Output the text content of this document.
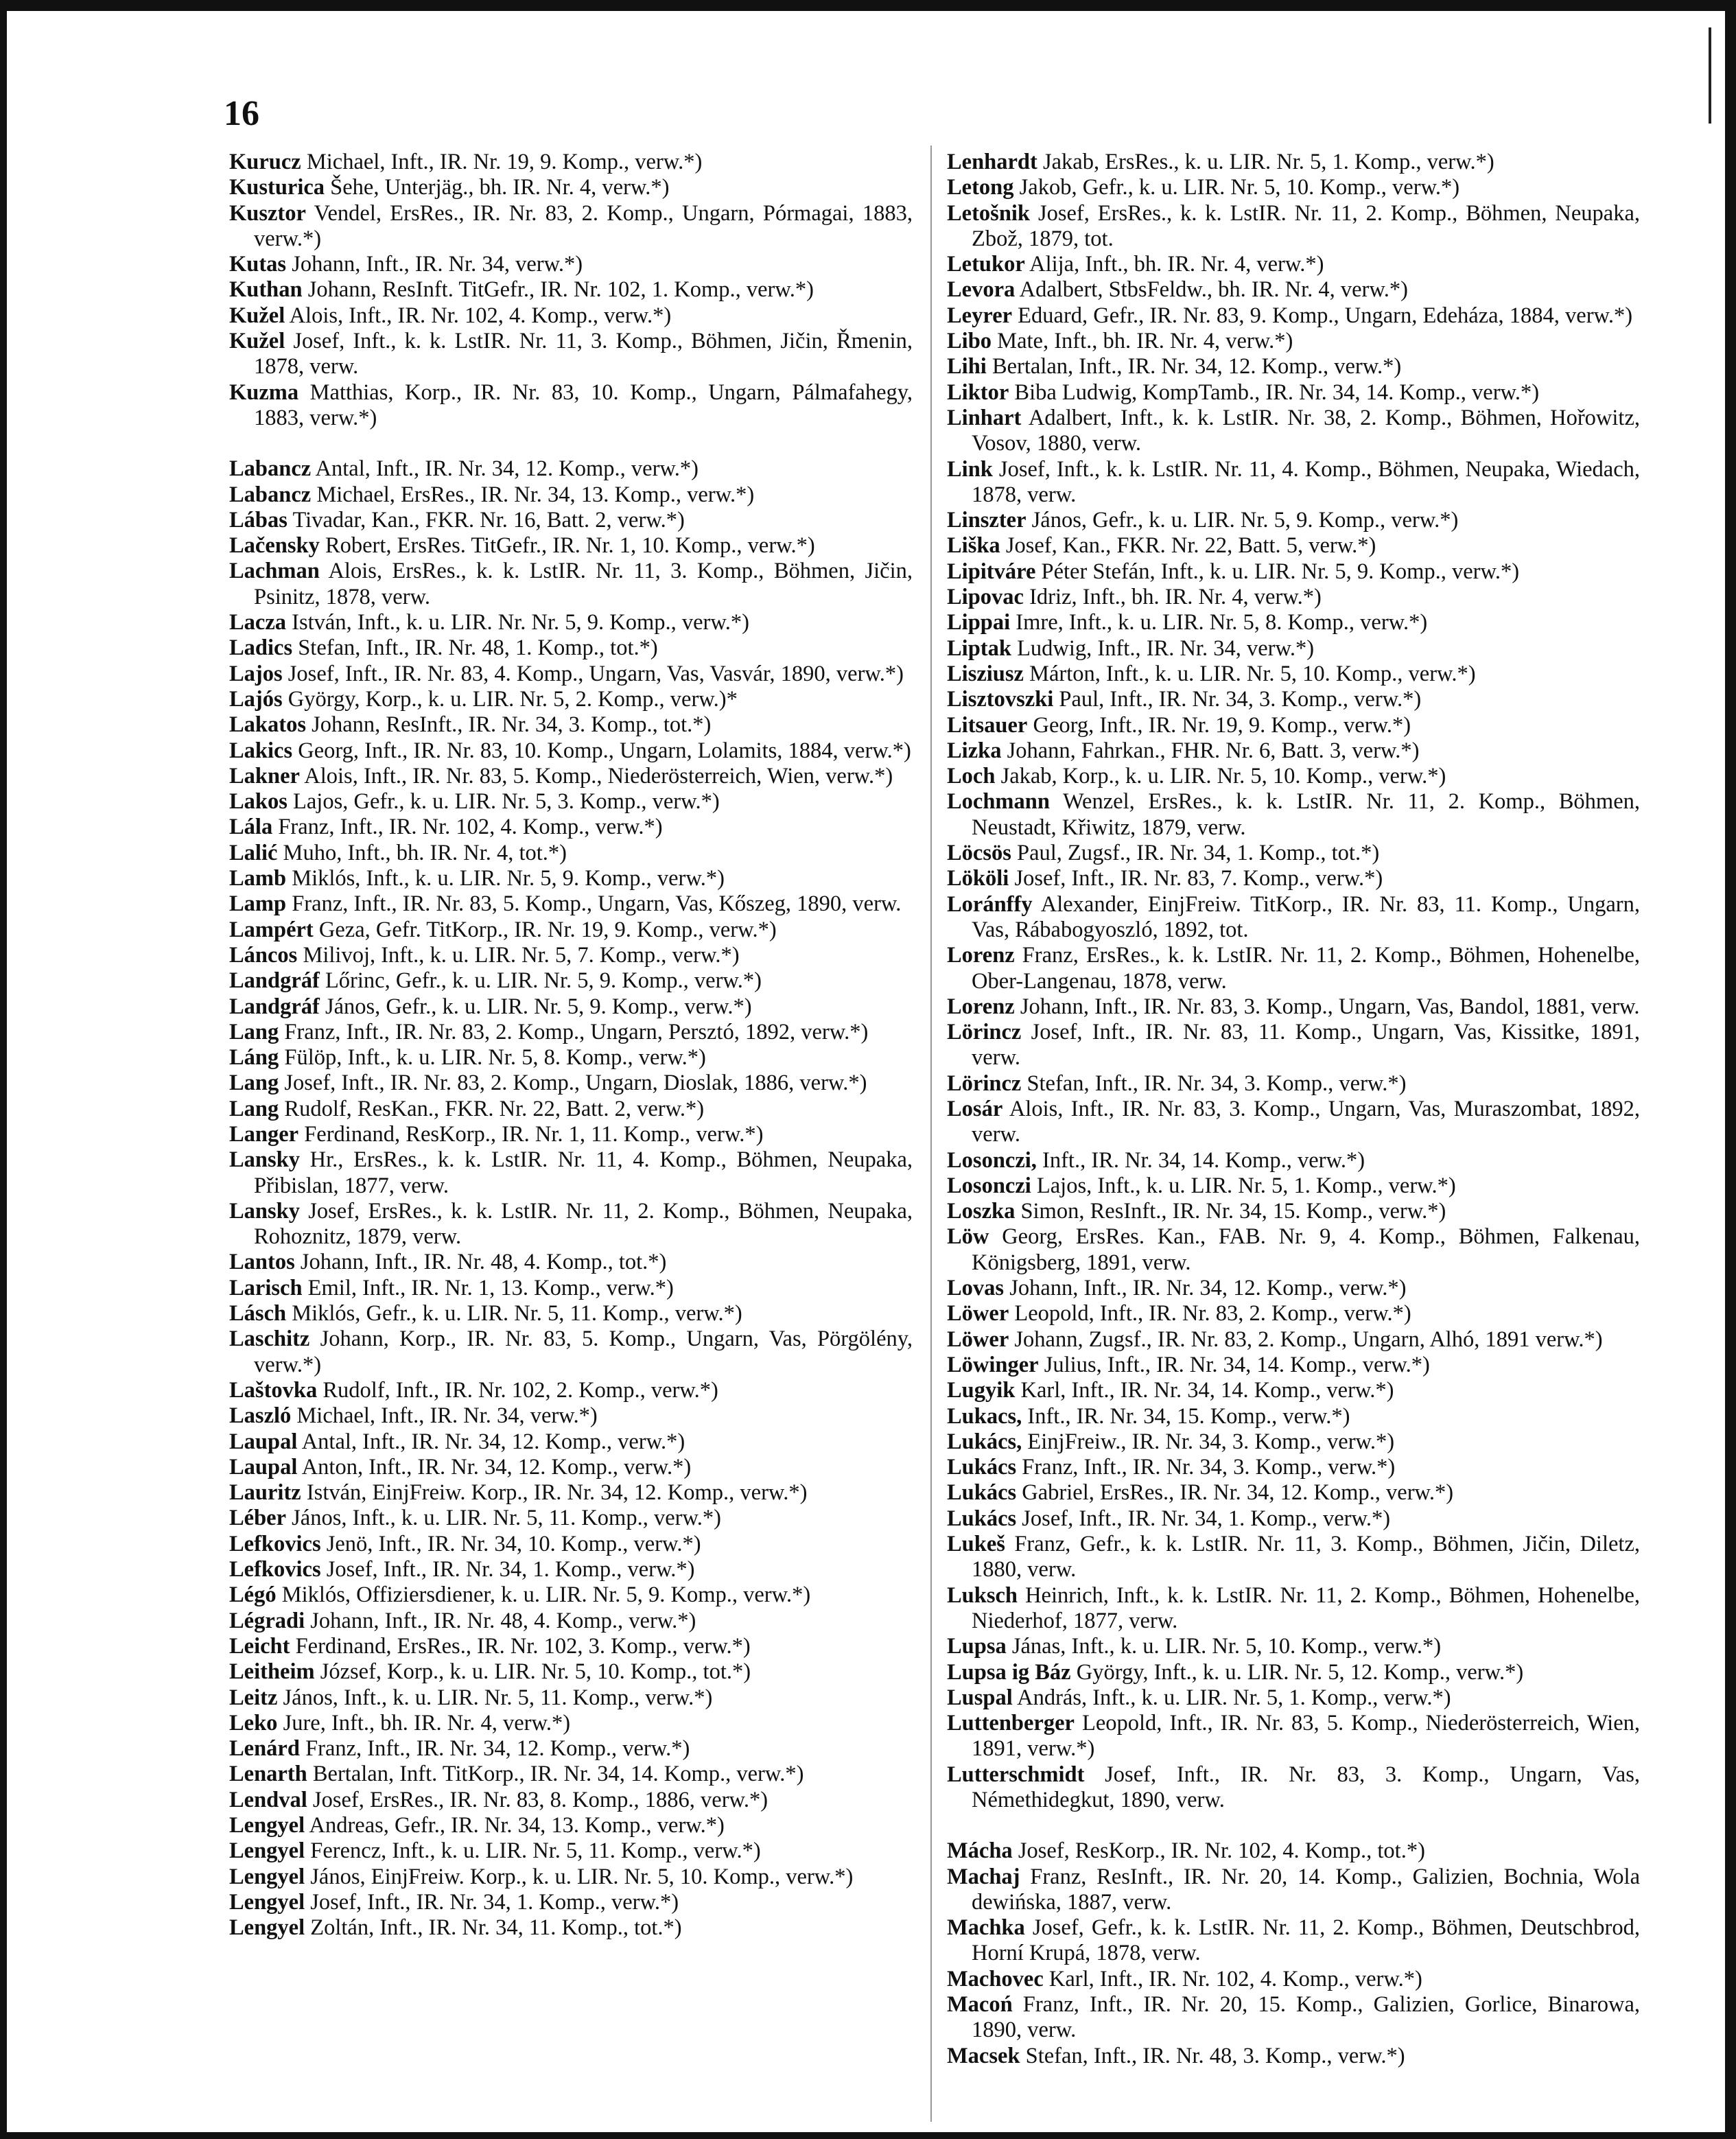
16

Kurucz Michael, Inft., IR. Nr. 19, 9. Komp., verw.*)

Kusturica Šehe, Unterjäg., bh. IR. Nr. 4, verw.*)

Kusztor Vendel, ErsRes., IR. Nr. 83, 2. Komp., Ungarn, Pórmagai, 1883, verw.*)

Kutas Johann, Inft., IR. Nr. 34, verw.*)

Kuthan Johann, ResInft. TitGefr., IR. Nr. 102, 1. Komp., verw.*)

Kužel Alois, Inft., IR. Nr. 102, 4. Komp., verw.*)

Kužel Josef, Inft., k. k. LstIR. Nr. 11, 3. Komp., Böhmen, Jičin, Řmenin, 1878, verw.

Kuzma Matthias, Korp., IR. Nr. 83, 10. Komp., Ungarn, Pálmafahegy, 1883, verw.*)

Labancz Antal, Inft., IR. Nr. 34, 12. Komp., verw.*)

Labancz Michael, ErsRes., IR. Nr. 34, 13. Komp., verw.*)

Lábas Tivadar, Kan., FKR. Nr. 16, Batt. 2, verw.*)

Lačensky Robert, ErsRes. TitGefr., IR. Nr. 1, 10. Komp., verw.*)

Lachman Alois, ErsRes., k. k. LstIR. Nr. 11, 3. Komp., Böhmen, Jičin, Psinitz, 1878, verw.

Lacza István, Inft., k. u. LIR. Nr. Nr. 5, 9. Komp., verw.*)

Ladics Stefan, Inft., IR. Nr. 48, 1. Komp., tot.*)

Lajos Josef, Inft., IR. Nr. 83, 4. Komp., Ungarn, Vas, Vasvár, 1890, verw.*)

Lajós György, Korp., k. u. LIR. Nr. 5, 2. Komp., verw.)*

Lakatos Johann, ResInft., IR. Nr. 34, 3. Komp., tot.*)

Lakics Georg, Inft., IR. Nr. 83, 10. Komp., Ungarn, Lolamits, 1884, verw.*)

Lakner Alois, Inft., IR. Nr. 83, 5. Komp., Niederösterreich, Wien, verw.*)

Lakos Lajos, Gefr., k. u. LIR. Nr. 5, 3. Komp., verw.*)

Lála Franz, Inft., IR. Nr. 102, 4. Komp., verw.*)

Lalić Muho, Inft., bh. IR. Nr. 4, tot.*)

Lamb Miklós, Inft., k. u. LIR. Nr. 5, 9. Komp., verw.*)

Lamp Franz, Inft., IR. Nr. 83, 5. Komp., Ungarn, Vas, Kőszeg, 1890, verw.

Lampért Geza, Gefr. TitKorp., IR. Nr. 19, 9. Komp., verw.*)

Láncos Milivoj, Inft., k. u. LIR. Nr. 5, 7. Komp., verw.*)

Landgráf Lőrinc, Gefr., k. u. LIR. Nr. 5, 9. Komp., verw.*)

Landgráf János, Gefr., k. u. LIR. Nr. 5, 9. Komp., verw.*)

Lang Franz, Inft., IR. Nr. 83, 2. Komp., Ungarn, Persztó, 1892, verw.*)

Láng Fülöp, Inft., k. u. LIR. Nr. 5, 8. Komp., verw.*)

Lang Josef, Inft., IR. Nr. 83, 2. Komp., Ungarn, Dioslak, 1886, verw.*)

Lang Rudolf, ResKan., FKR. Nr. 22, Batt. 2, verw.*)

Langer Ferdinand, ResKorp., IR. Nr. 1, 11. Komp., verw.*)

Lansky Hr., ErsRes., k. k. LstIR. Nr. 11, 4. Komp., Böhmen, Neupaka, Přibislan, 1877, verw.

Lansky Josef, ErsRes., k. k. LstIR. Nr. 11, 2. Komp., Böhmen, Neupaka, Rohoznitz, 1879, verw.

Lantos Johann, Inft., IR. Nr. 48, 4. Komp., tot.*)

Larisch Emil, Inft., IR. Nr. 1, 13. Komp., verw.*)

Lásch Miklós, Gefr., k. u. LIR. Nr. 5, 11. Komp., verw.*)

Laschitz Johann, Korp., IR. Nr. 83, 5. Komp., Ungarn, Vas, Pörgölény, verw.*)

Laštovka Rudolf, Inft., IR. Nr. 102, 2. Komp., verw.*)

Laszló Michael, Inft., IR. Nr. 34, verw.*)

Laupal Antal, Inft., IR. Nr. 34, 12. Komp., verw.*)

Laupal Anton, Inft., IR. Nr. 34, 12. Komp., verw.*)

Lauritz István, EinjFreiw. Korp., IR. Nr. 34, 12. Komp., verw.*)

Léber János, Inft., k. u. LIR. Nr. 5, 11. Komp., verw.*)

Lefkovics Jenö, Inft., IR. Nr. 34, 10. Komp., verw.*)

Lefkovics Josef, Inft., IR. Nr. 34, 1. Komp., verw.*)

Légó Miklós, Offiziersdiener, k. u. LIR. Nr. 5, 9. Komp., verw.*)

Légradi Johann, Inft., IR. Nr. 48, 4. Komp., verw.*)

Leicht Ferdinand, ErsRes., IR. Nr. 102, 3. Komp., verw.*)

Leitheim József, Korp., k. u. LIR. Nr. 5, 10. Komp., tot.*)

Leitz János, Inft., k. u. LIR. Nr. 5, 11. Komp., verw.*)

Leko Jure, Inft., bh. IR. Nr. 4, verw.*)

Lenárd Franz, Inft., IR. Nr. 34, 12. Komp., verw.*)

Lenarth Bertalan, Inft. TitKorp., IR. Nr. 34, 14. Komp., verw.*)

Lendval Josef, ErsRes., IR. Nr. 83, 8. Komp., 1886, verw.*)

Lengyel Andreas, Gefr., IR. Nr. 34, 13. Komp., verw.*)

Lengyel Ferencz, Inft., k. u. LIR. Nr. 5, 11. Komp., verw.*)

Lengyel János, EinjFreiw. Korp., k. u. LIR. Nr. 5, 10. Komp., verw.*)

Lengyel Josef, Inft., IR. Nr. 34, 1. Komp., verw.*)

Lengyel Zoltán, Inft., IR. Nr. 34, 11. Komp., tot.*)

Lenhardt Jakab, ErsRes., k. u. LIR. Nr. 5, 1. Komp., verw.*)

Letong Jakob, Gefr., k. u. LIR. Nr. 5, 10. Komp., verw.*)

Letošnik Josef, ErsRes., k. k. LstIR. Nr. 11, 2. Komp., Böhmen, Neupaka, Zbož, 1879, tot.

Letukor Alija, Inft., bh. IR. Nr. 4, verw.*)

Levora Adalbert, StbsFeldw., bh. IR. Nr. 4, verw.*)

Leyrer Eduard, Gefr., IR. Nr. 83, 9. Komp., Ungarn, Edeháza, 1884, verw.*)

Libo Mate, Inft., bh. IR. Nr. 4, verw.*)

Lihi Bertalan, Inft., IR. Nr. 34, 12. Komp., verw.*)

Liktor Biba Ludwig, KompTamb., IR. Nr. 34, 14. Komp., verw.*)

Linhart Adalbert, Inft., k. k. LstIR. Nr. 38, 2. Komp., Böhmen, Hořowitz, Vosov, 1880, verw.

Link Josef, Inft., k. k. LstIR. Nr. 11, 4. Komp., Böhmen, Neupaka, Wiedach, 1878, verw.

Linszter János, Gefr., k. u. LIR. Nr. 5, 9. Komp., verw.*)

Liška Josef, Kan., FKR. Nr. 22, Batt. 5, verw.*)

Lipitváre Péter Stefán, Inft., k. u. LIR. Nr. 5, 9. Komp., verw.*)

Lipovac Idriz, Inft., bh. IR. Nr. 4, verw.*)

Lippai Imre, Inft., k. u. LIR. Nr. 5, 8. Komp., verw.*)

Liptak Ludwig, Inft., IR. Nr. 34, verw.*)

Lisziusz Márton, Inft., k. u. LIR. Nr. 5, 10. Komp., verw.*)

Lisztovszki Paul, Inft., IR. Nr. 34, 3. Komp., verw.*)

Litsauer Georg, Inft., IR. Nr. 19, 9. Komp., verw.*)

Lizka Johann, Fahrkan., FHR. Nr. 6, Batt. 3, verw.*)

Loch Jakab, Korp., k. u. LIR. Nr. 5, 10. Komp., verw.*)

Lochmann Wenzel, ErsRes., k. k. LstIR. Nr. 11, 2. Komp., Böhmen, Neustadt, Křiwitz, 1879, verw.

Löcsös Paul, Zugsf., IR. Nr. 34, 1. Komp., tot.*)

Lököli Josef, Inft., IR. Nr. 83, 7. Komp., verw.*)

Loránffy Alexander, EinjFreiw. TitKorp., IR. Nr. 83, 11. Komp., Ungarn, Vas, Rábabogyoszló, 1892, tot.

Lorenz Franz, ErsRes., k. k. LstIR. Nr. 11, 2. Komp., Böhmen, Hohenelbe, Ober-Langenau, 1878, verw.

Lorenz Johann, Inft., IR. Nr. 83, 3. Komp., Ungarn, Vas, Bandol, 1881, verw.

Lörincz Josef, Inft., IR. Nr. 83, 11. Komp., Ungarn, Vas, Kissitke, 1891, verw.

Lörincz Stefan, Inft., IR. Nr. 34, 3. Komp., verw.*)

Losár Alois, Inft., IR. Nr. 83, 3. Komp., Ungarn, Vas, Muraszombat, 1892, verw.

Losonczi, Inft., IR. Nr. 34, 14. Komp., verw.*)

Losonczi Lajos, Inft., k. u. LIR. Nr. 5, 1. Komp., verw.*)

Loszka Simon, ResInft., IR. Nr. 34, 15. Komp., verw.*)

Löw Georg, ErsRes. Kan., FAB. Nr. 9, 4. Komp., Böhmen, Falkenau, Königsberg, 1891, verw.

Lovas Johann, Inft., IR. Nr. 34, 12. Komp., verw.*)

Löwer Leopold, Inft., IR. Nr. 83, 2. Komp., verw.*)

Löwer Johann, Zugsf., IR. Nr. 83, 2. Komp., Ungarn, Alhó, 1891 verw.*)

Löwinger Julius, Inft., IR. Nr. 34, 14. Komp., verw.*)

Lugyik Karl, Inft., IR. Nr. 34, 14. Komp., verw.*)

Lukacs, Inft., IR. Nr. 34, 15. Komp., verw.*)

Lukács, EinjFreiw., IR. Nr. 34, 3. Komp., verw.*)

Lukács Franz, Inft., IR. Nr. 34, 3. Komp., verw.*)

Lukács Gabriel, ErsRes., IR. Nr. 34, 12. Komp., verw.*)

Lukács Josef, Inft., IR. Nr. 34, 1. Komp., verw.*)

Lukeš Franz, Gefr., k. k. LstIR. Nr. 11, 3. Komp., Böhmen, Jičin, Diletz, 1880, verw.

Luksch Heinrich, Inft., k. k. LstIR. Nr. 11, 2. Komp., Böhmen, Hohenelbe, Niederhof, 1877, verw.

Lupsa Jánas, Inft., k. u. LIR. Nr. 5, 10. Komp., verw.*)

Lupsa ig Báz György, Inft., k. u. LIR. Nr. 5, 12. Komp., verw.*)

Luspal András, Inft., k. u. LIR. Nr. 5, 1. Komp., verw.*)

Luttenberger Leopold, Inft., IR. Nr. 83, 5. Komp., Niederösterreich, Wien, 1891, verw.*)

Lutterschmidt Josef, Inft., IR. Nr. 83, 3. Komp., Ungarn, Vas, Némethidegkut, 1890, verw.

Mácha Josef, ResKorp., IR. Nr. 102, 4. Komp., tot.*)

Machaj Franz, ResInft., IR. Nr. 20, 14. Komp., Galizien, Bochnia, Wola dewińska, 1887, verw.

Machka Josef, Gefr., k. k. LstIR. Nr. 11, 2. Komp., Böhmen, Deutschbrod, Horní Krupá, 1878, verw.

Machovec Karl, Inft., IR. Nr. 102, 4. Komp., verw.*)

Macoń Franz, Inft., IR. Nr. 20, 15. Komp., Galizien, Gorlice, Binarowa, 1890, verw.

Macsek Stefan, Inft., IR. Nr. 48, 3. Komp., verw.*)
